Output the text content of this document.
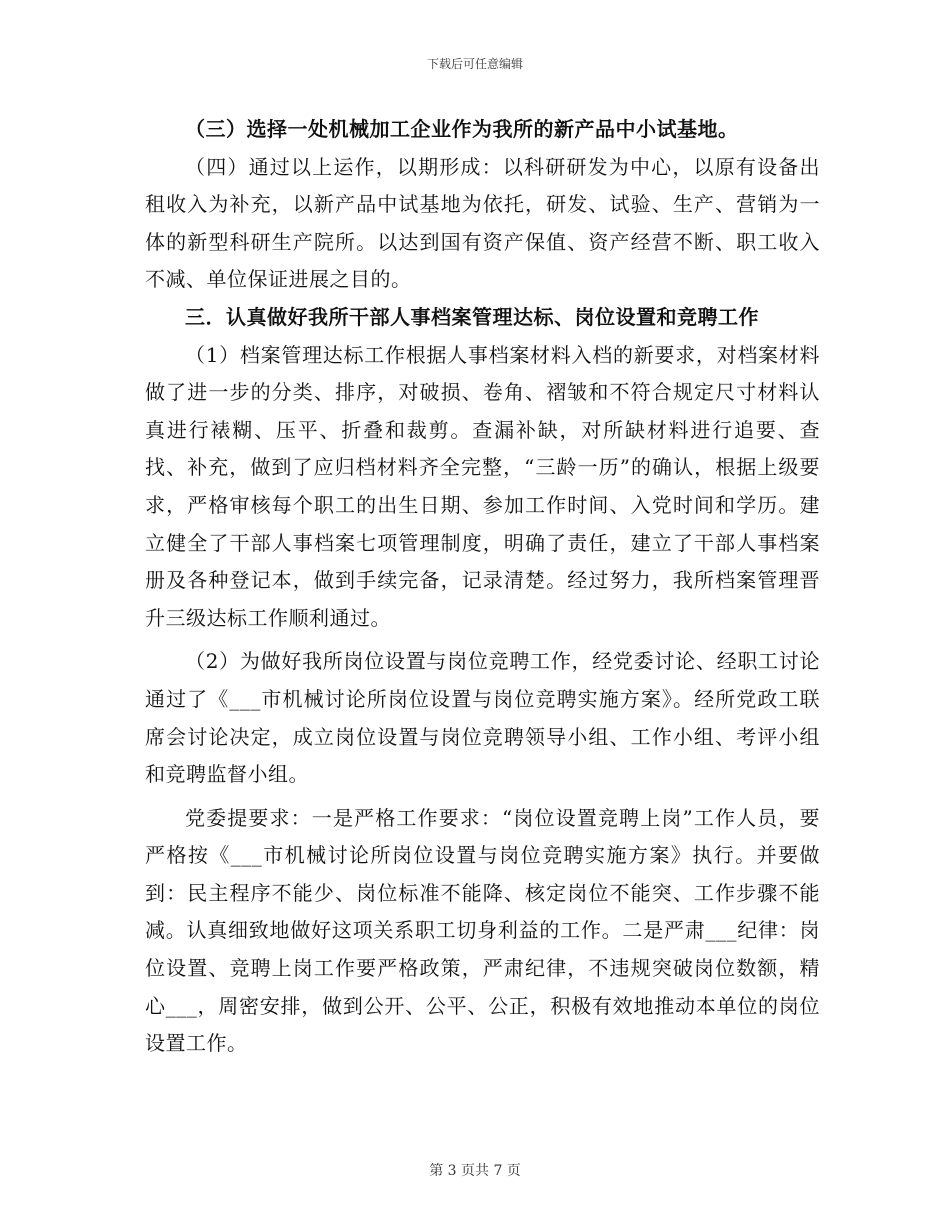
下载后可任意编辑

（三）选择一处机械加工企业作为我所的新产品中小试基地。

（四）通过以上运作，以期形成：以科研研发为中心，以原有设备出租收入为补充，以新产品中试基地为依托，研发、试验、生产、营销为一体的新型科研生产院所。以达到国有资产保值、资产经营不断、职工收入不减、单位保证进展之目的。

三．认真做好我所干部人事档案管理达标、岗位设置和竞聘工作

（1）档案管理达标工作根据人事档案材料入档的新要求，对档案材料做了进一步的分类、排序，对破损、卷角、褶皱和不符合规定尺寸材料认真进行裱糊、压平、折叠和裁剪。查漏补缺，对所缺材料进行追要、查找、补充，做到了应归档材料齐全完整，“三龄一历”的确认，根据上级要求，严格审核每个职工的出生日期、参加工作时间、入党时间和学历。建立健全了干部人事档案七项管理制度，明确了责任，建立了干部人事档案册及各种登记本，做到手续完备，记录清楚。经过努力，我所档案管理晋升三级达标工作顺利通过。

（2）为做好我所岗位设置与岗位竞聘工作，经党委讨论、经职工讨论通过了《___市机械讨论所岗位设置与岗位竞聘实施方案》。经所党政工联席会讨论决定，成立岗位设置与岗位竞聘领导小组、工作小组、考评小组和竞聘监督小组。

党委提要求：一是严格工作要求：“岗位设置竞聘上岗”工作人员，要严格按《___市机械讨论所岗位设置与岗位竞聘实施方案》执行。并要做到：民主程序不能少、岗位标准不能降、核定岗位不能突、工作步骤不能减。认真细致地做好这项关系职工切身利益的工作。二是严肃___纪律：岗位设置、竞聘上岗工作要严格政策，严肃纪律，不违规突破岗位数额，精心___，周密安排，做到公开、公平、公正，积极有效地推动本单位的岗位设置工作。

第 3 页共 7 页
